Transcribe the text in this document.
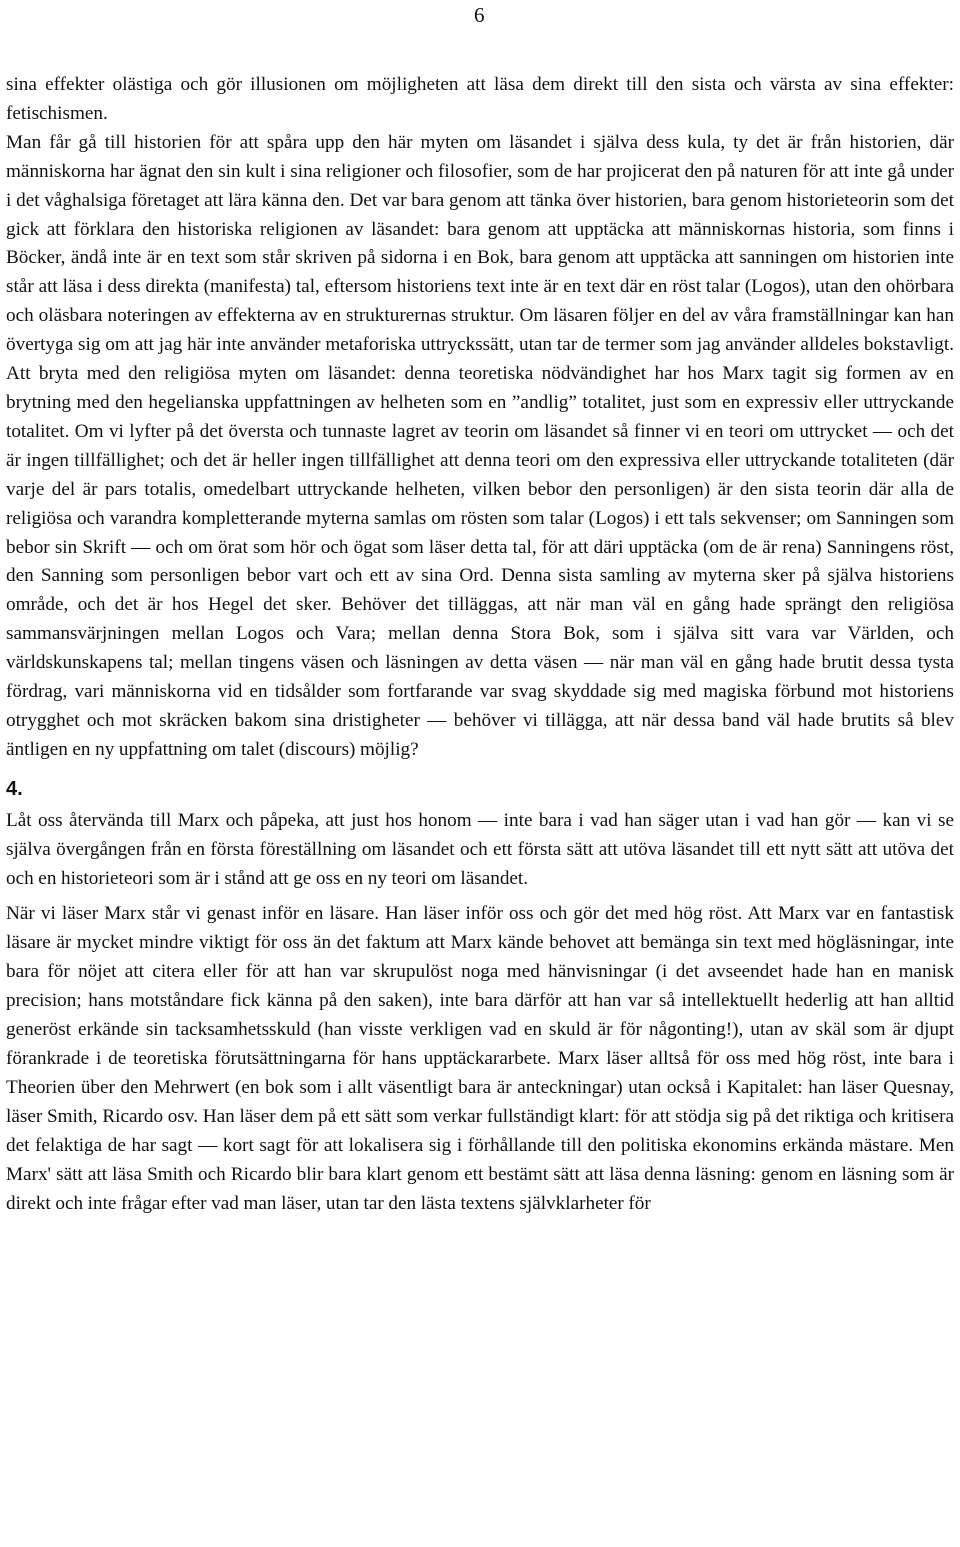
6

sina effekter olästiga och gör illusionen om möjligheten att läsa dem direkt till den sista och värsta av sina effekter: fetischismen.

Man får gå till historien för att spåra upp den här myten om läsandet i själva dess kula, ty det är från historien, där människorna har ägnat den sin kult i sina religioner och filosofier, som de har projicerat den på naturen för att inte gå under i det våghalsiga företaget att lära känna den. Det var bara genom att tänka över historien, bara genom historieteorin som det gick att förklara den historiska religionen av läsandet: bara genom att upptäcka att människornas historia, som finns i Böcker, ändå inte är en text som står skriven på sidorna i en Bok, bara genom att upptäcka att sanningen om historien inte står att läsa i dess direkta (manifesta) tal, eftersom historiens text inte är en text där en röst talar (Logos), utan den ohörbara och oläsbara noteringen av effekterna av en strukturernas struktur. Om läsaren följer en del av våra framställningar kan han övertyga sig om att jag här inte använder metaforiska uttryckssätt, utan tar de termer som jag använder alldeles bokstavligt. Att bryta med den religiösa myten om läsandet: denna teoretiska nödvändighet har hos Marx tagit sig formen av en brytning med den hegelianska uppfattningen av helheten som en ”andlig” totalitet, just som en expressiv eller uttryckande totalitet. Om vi lyfter på det översta och tunnaste lagret av teorin om läsandet så finner vi en teori om uttrycket — och det är ingen tillfällighet; och det är heller ingen tillfällighet att denna teori om den expressiva eller uttryckande totaliteten (där varje del är pars totalis, omedelbart uttryckande helheten, vilken bebor den personligen) är den sista teorin där alla de religiösa och varandra kompletterande myterna samlas om rösten som talar (Logos) i ett tals sekvenser; om Sanningen som bebor sin Skrift — och om örat som hör och ögat som läser detta tal, för att däri upptäcka (om de är rena) Sanningens röst, den Sanning som personligen bebor vart och ett av sina Ord. Denna sista samling av myterna sker på själva historiens område, och det är hos Hegel det sker. Behöver det tilläggas, att när man väl en gång hade sprängt den religiösa sammansvärjningen mellan Logos och Vara; mellan denna Stora Bok, som i själva sitt vara var Världen, och världskunskapens tal; mellan tingens väsen och läsningen av detta väsen — när man väl en gång hade brutit dessa tysta fördrag, vari människorna vid en tidsålder som fortfarande var svag skyddade sig med magiska förbund mot historiens otrygghet och mot skräcken bakom sina dristigheter — behöver vi tillägga, att när dessa band väl hade brutits så blev äntligen en ny uppfattning om talet (discours) möjlig?

4.

Låt oss återvända till Marx och påpeka, att just hos honom — inte bara i vad han säger utan i vad han gör — kan vi se själva övergången från en första föreställning om läsandet och ett första sätt att utöva läsandet till ett nytt sätt att utöva det och en historieteori som är i stånd att ge oss en ny teori om läsandet.

När vi läser Marx står vi genast inför en läsare. Han läser inför oss och gör det med hög röst. Att Marx var en fantastisk läsare är mycket mindre viktigt för oss än det faktum att Marx kände behovet att bemänga sin text med högläsningar, inte bara för nöjet att citera eller för att han var skrupulöst noga med hänvisningar (i det avseendet hade han en manisk precision; hans motståndare fick känna på den saken), inte bara därför att han var så intellektuellt hederlig att han alltid generöst erkände sin tacksamhetsskuld (han visste verkligen vad en skuld är för någonting!), utan av skäl som är djupt förankrade i de teoretiska förutsättningarna för hans upptäckararbete. Marx läser alltså för oss med hög röst, inte bara i Theorien über den Mehrwert (en bok som i allt väsentligt bara är anteckningar) utan också i Kapitalet: han läser Quesnay, läser Smith, Ricardo osv. Han läser dem på ett sätt som verkar fullständigt klart: för att stödja sig på det riktiga och kritisera det felaktiga de har sagt — kort sagt för att lokalisera sig i förhållande till den politiska ekonomins erkända mästare. Men Marx' sätt att läsa Smith och Ricardo blir bara klart genom ett bestämt sätt att läsa denna läsning: genom en läsning som är direkt och inte frågar efter vad man läser, utan tar den lästa textens självklarheter för
